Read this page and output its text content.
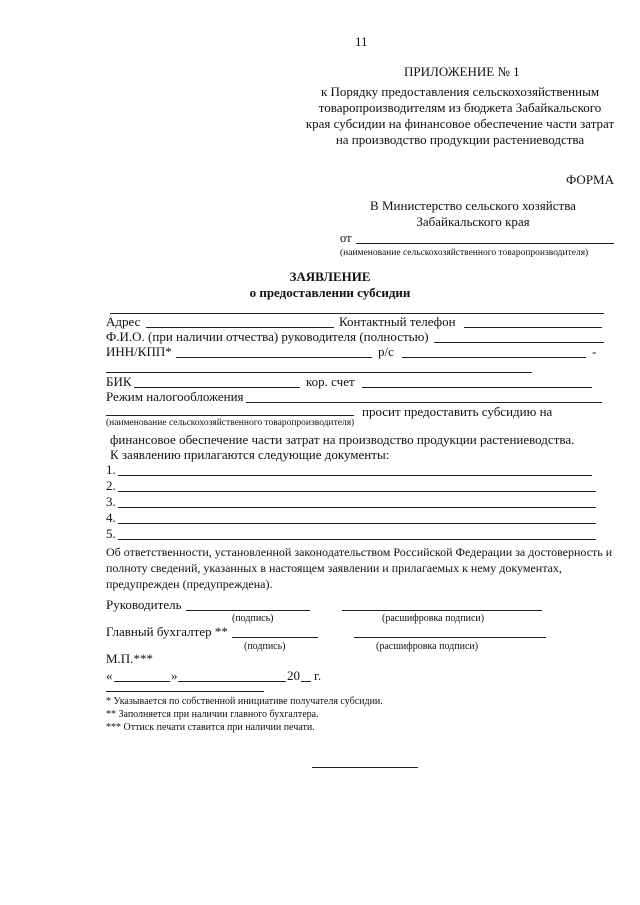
11
ПРИЛОЖЕНИЕ № 1
к Порядку предоставления сельскохозяйственным
товаропроизводителям из бюджета Забайкальского
края субсидии на финансовое обеспечение части затрат
на производство продукции растениеводства
ФОРМА
В Министерство сельского хозяйства
Забайкальского края
от
(наименование сельскохозяйственного товаропроизводителя)
ЗАЯВЛЕНИЕ
о предоставлении субсидии
Адрес	Контактный телефон
Ф.И.О. (при наличии отчества) руководителя (полностью)
ИНН/КПП*	р/с	-
БИК	кор. счет
Режим налогообложения
просит предоставить субсидию на
(наименование сельскохозяйственного товаропроизводителя)
финансовое обеспечение части затрат на производство продукции растениеводства.
К заявлению прилагаются следующие документы:
1.
2.
3.
4.
5.
Об ответственности, установленной законодательством Российской Федерации за достоверность и
полноту сведений, указанных в настоящем заявлении и прилагаемых к нему документах,
предупрежден (предупреждена).
Руководитель
(подпись)	(расшифровка подписи)
Главный бухгалтер **
(подпись)	(расшифровка подписи)
М.П.***
«	»	20 г.
* Указывается по собственной инициативе получателя субсидии.
** Заполняется при наличии главного бухгалтера.
*** Оттиск печати ставится при наличии печати.
